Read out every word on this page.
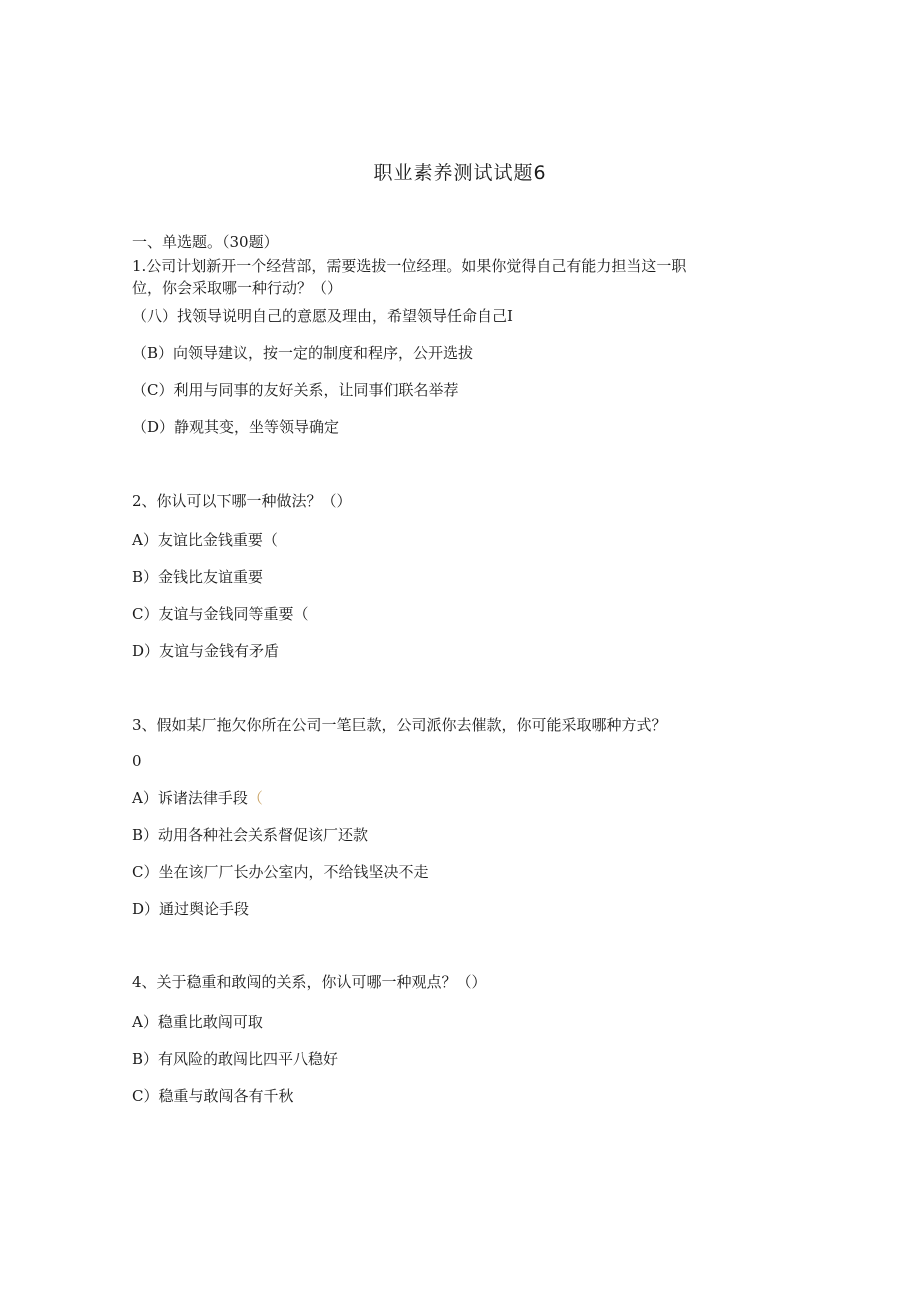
职业素养测试试题6
一、单选题。（30题）
1.公司计划新开一个经营部，需要选拔一位经理。如果你觉得自己有能力担当这一职
位，你会采取哪一种行动？（）
（八）找领导说明自己的意愿及理由，希望领导任命自己I
（B）向领导建议，按一定的制度和程序，公开选拔
（C）利用与同事的友好关系，让同事们联名举荐
（D）静观其变，坐等领导确定
2、你认可以下哪一种做法？（）
A）友谊比金钱重要（
B）金钱比友谊重要
C）友谊与金钱同等重要（
D）友谊与金钱有矛盾
3、假如某厂拖欠你所在公司一笔巨款，公司派你去催款，你可能采取哪种方式？
0
A）诉诸法律手段（
B）动用各种社会关系督促该厂还款
C）坐在该厂厂长办公室内，不给钱坚决不走
D）通过舆论手段
4、关于稳重和敢闯的关系，你认可哪一种观点？（）
A）稳重比敢闯可取
B）有风险的敢闯比四平八稳好
C）稳重与敢闯各有千秋
